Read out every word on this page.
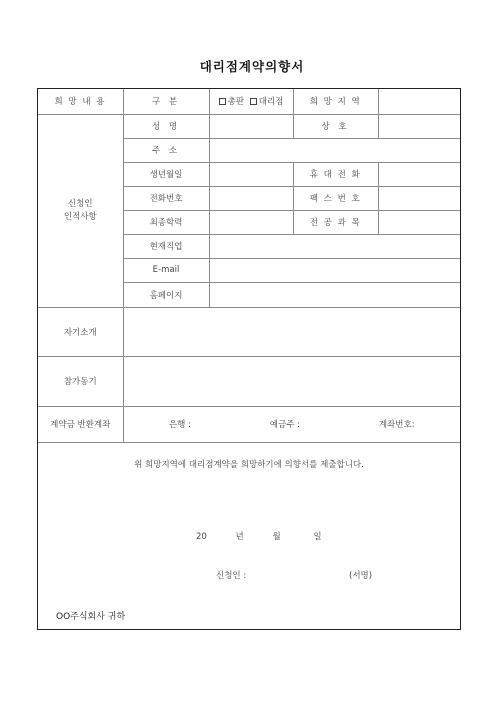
대리점계약의향서
희 망 내 용	구 분	총판 대리점	희 망 지 역	

신청인
인적사항	성 명		상 호	
	주 소			
	생년월일		휴 대 전 화	
	전화번호		팩 스 번 호	
	최종학력		전 공 과 목	
	현재직업			
	E-mail			
	홈페이지			
자기소개				
참가동기				
계약금 반환계좌	은행 : 예금주 : 계좌번호:			

위 희망지역에 대리점계약을 희망하기에 의향서를 제출합니다.
20 년 월 일
신청인 : (서명)
OO주식회사 귀하				
